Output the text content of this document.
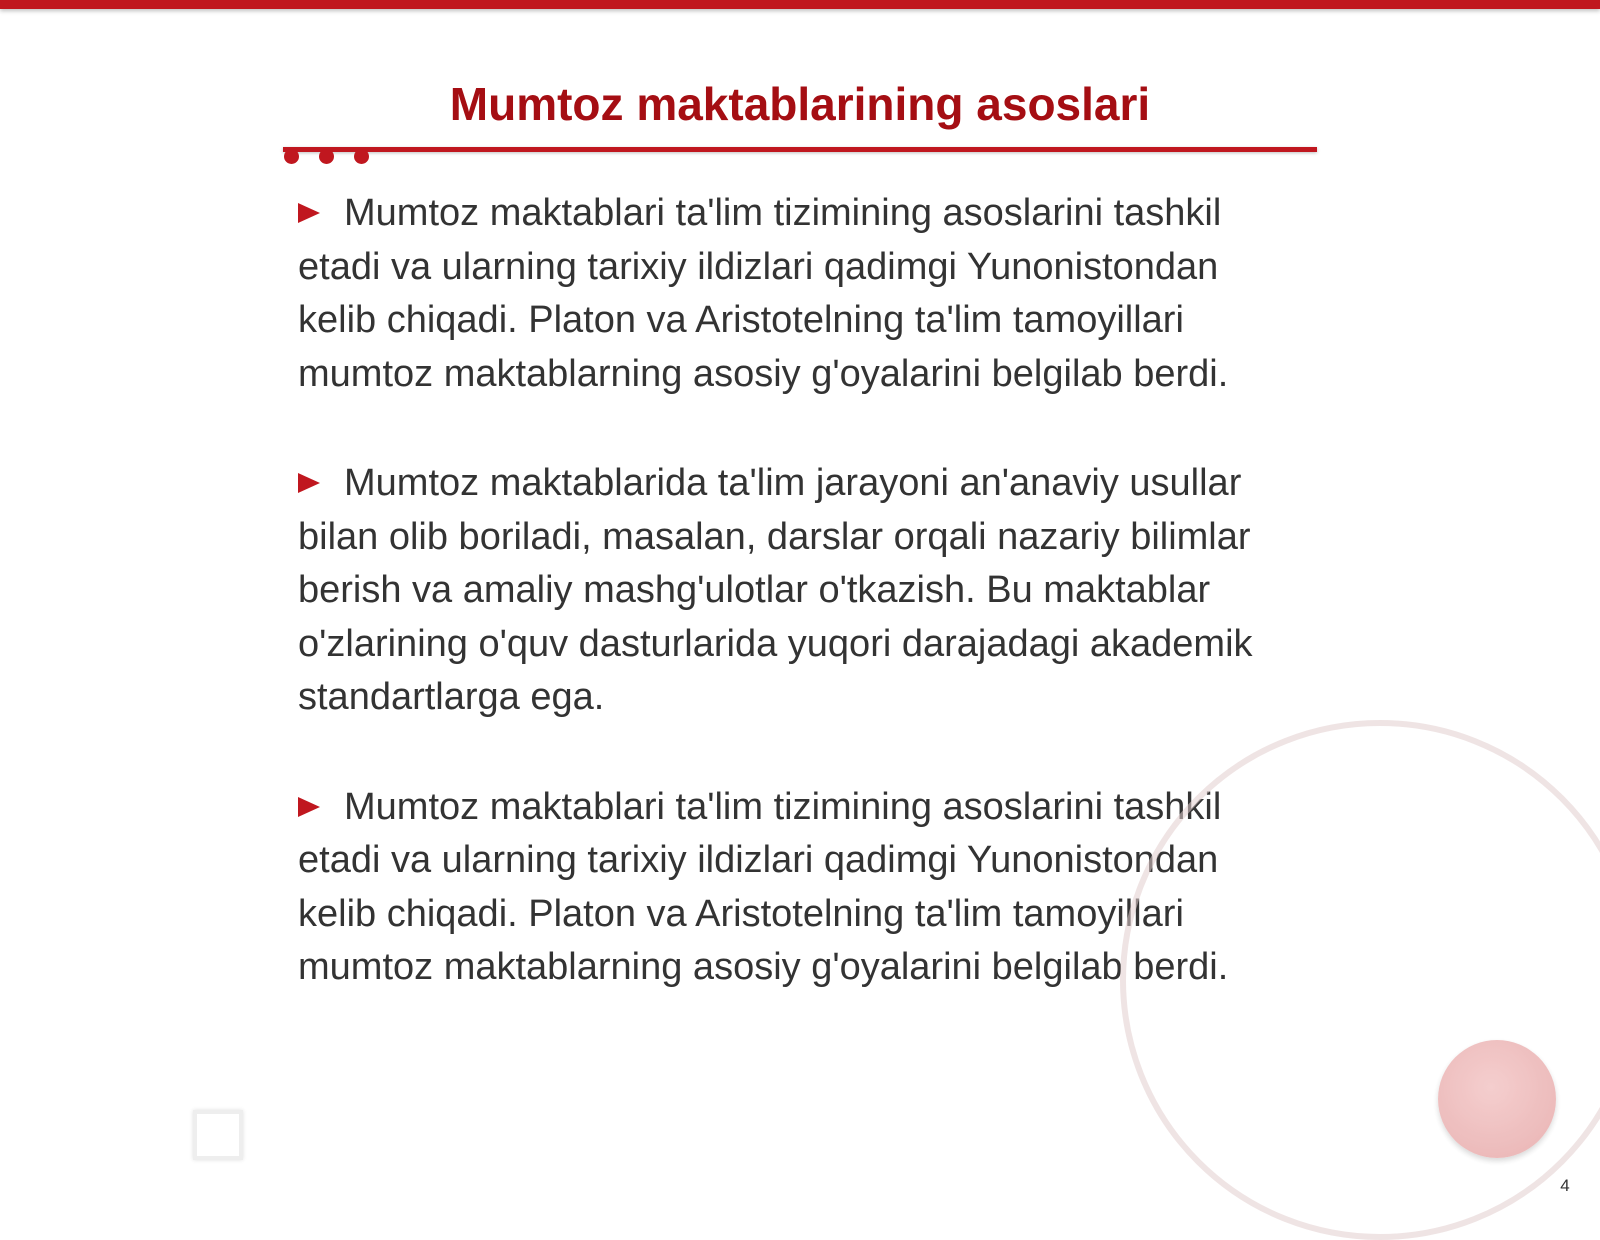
Mumtoz maktablarining asoslari

Mumtoz maktablari ta'lim tizimining asoslarini tashkil etadi va ularning tarixiy ildizlari qadimgi Yunonistondan kelib chiqadi. Platon va Aristotelning ta'lim tamoyillari mumtoz maktablarning asosiy g'oyalarini belgilab berdi.

Mumtoz maktablarida ta'lim jarayoni an'anaviy usullar bilan olib boriladi, masalan, darslar orqali nazariy bilimlar berish va amaliy mashg'ulotlar o'tkazish. Bu maktablar o'zlarining o'quv dasturlarida yuqori darajadagi akademik standartlarga ega.

Mumtoz maktablari ta'lim tizimining asoslarini tashkil etadi va ularning tarixiy ildizlari qadimgi Yunonistondan kelib chiqadi. Platon va Aristotelning ta'lim tamoyillari mumtoz maktablarning asosiy g'oyalarini belgilab berdi.

4
